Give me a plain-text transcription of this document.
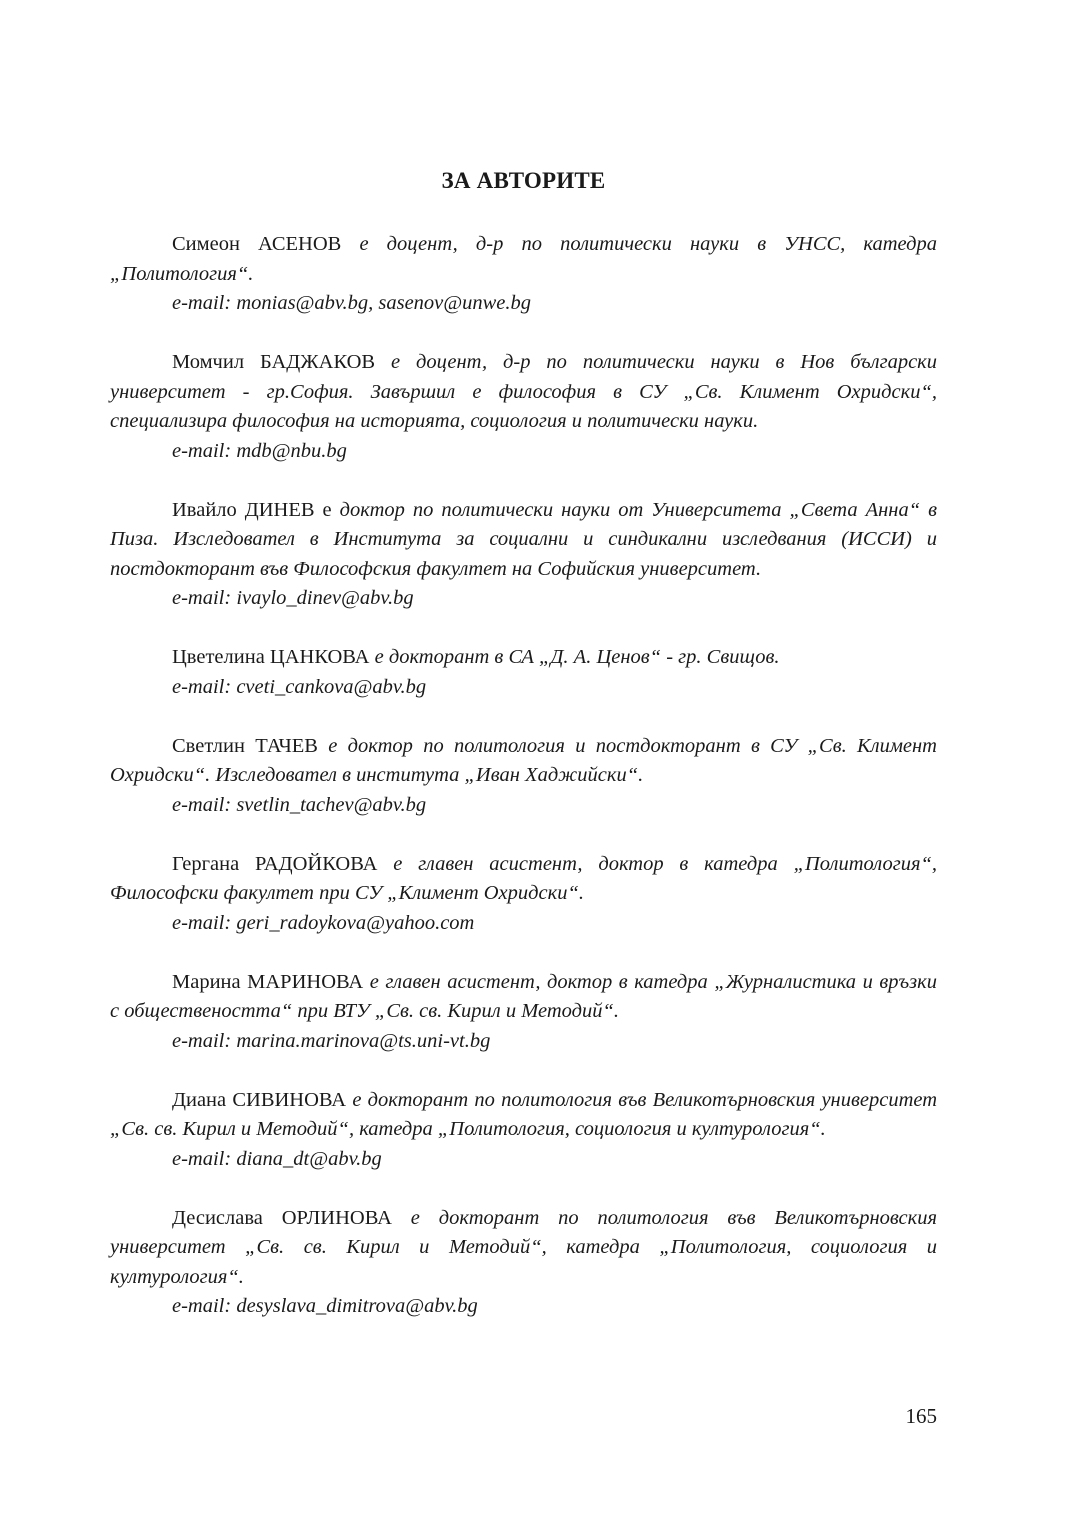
ЗА АВТОРИТЕ

Симеон АСЕНОВ е доцент, д-р по политически науки в УНСС, катедра „Политология“.

e-mail: monias@abv.bg, sasenov@unwe.bg

Момчил БАДЖАКОВ е доцент, д-р по политически науки в Нов български университет - гр.София. Завършил е философия в СУ „Св. Климент Охридски“, специализира философия на историята, социология и политически науки.

e-mail: mdb@nbu.bg

Ивайло ДИНЕВ е доктор по политически науки от Университета „Света Анна“ в Пиза. Изследовател в Института за социални и синдикални изследвания (ИССИ) и постдокторант във Философския факултет на Софийския университет.

e-mail: ivaylo_dinev@abv.bg

Цветелина ЦАНКОВА е докторант в СА „Д. А. Ценов“ - гр. Свищов.

e-mail: cveti_cankova@abv.bg

Светлин ТАЧЕВ е доктор по политология и постдокторант в СУ „Св. Климент Охридски“. Изследовател в института „Иван Хаджийски“.

e-mail: svetlin_tachev@abv.bg

Гергана РАДОЙКОВА е главен асистент, доктор в катедра „Политология“, Философски факултет при СУ „Климент Охридски“.

e-mail: geri_radoykova@yahoo.com

Марина МАРИНОВА е главен асистент, доктор в катедра „Журналистика и връзки с обществеността“ при ВТУ „Св. св. Кирил и Методий“.

e-mail: marina.marinova@ts.uni-vt.bg

Диана СИВИНОВА е докторант по политология във Великотърновския университет „Св. св. Кирил и Методий“, катедра „Политология, социология и културология“.

e-mail: diana_dt@abv.bg

Десислава ОРЛИНОВА е докторант по политология във Великотърновския университет „Св. св. Кирил и Методий“, катедра „Политология, социология и културология“.

e-mail: desyslava_dimitrova@abv.bg

165
